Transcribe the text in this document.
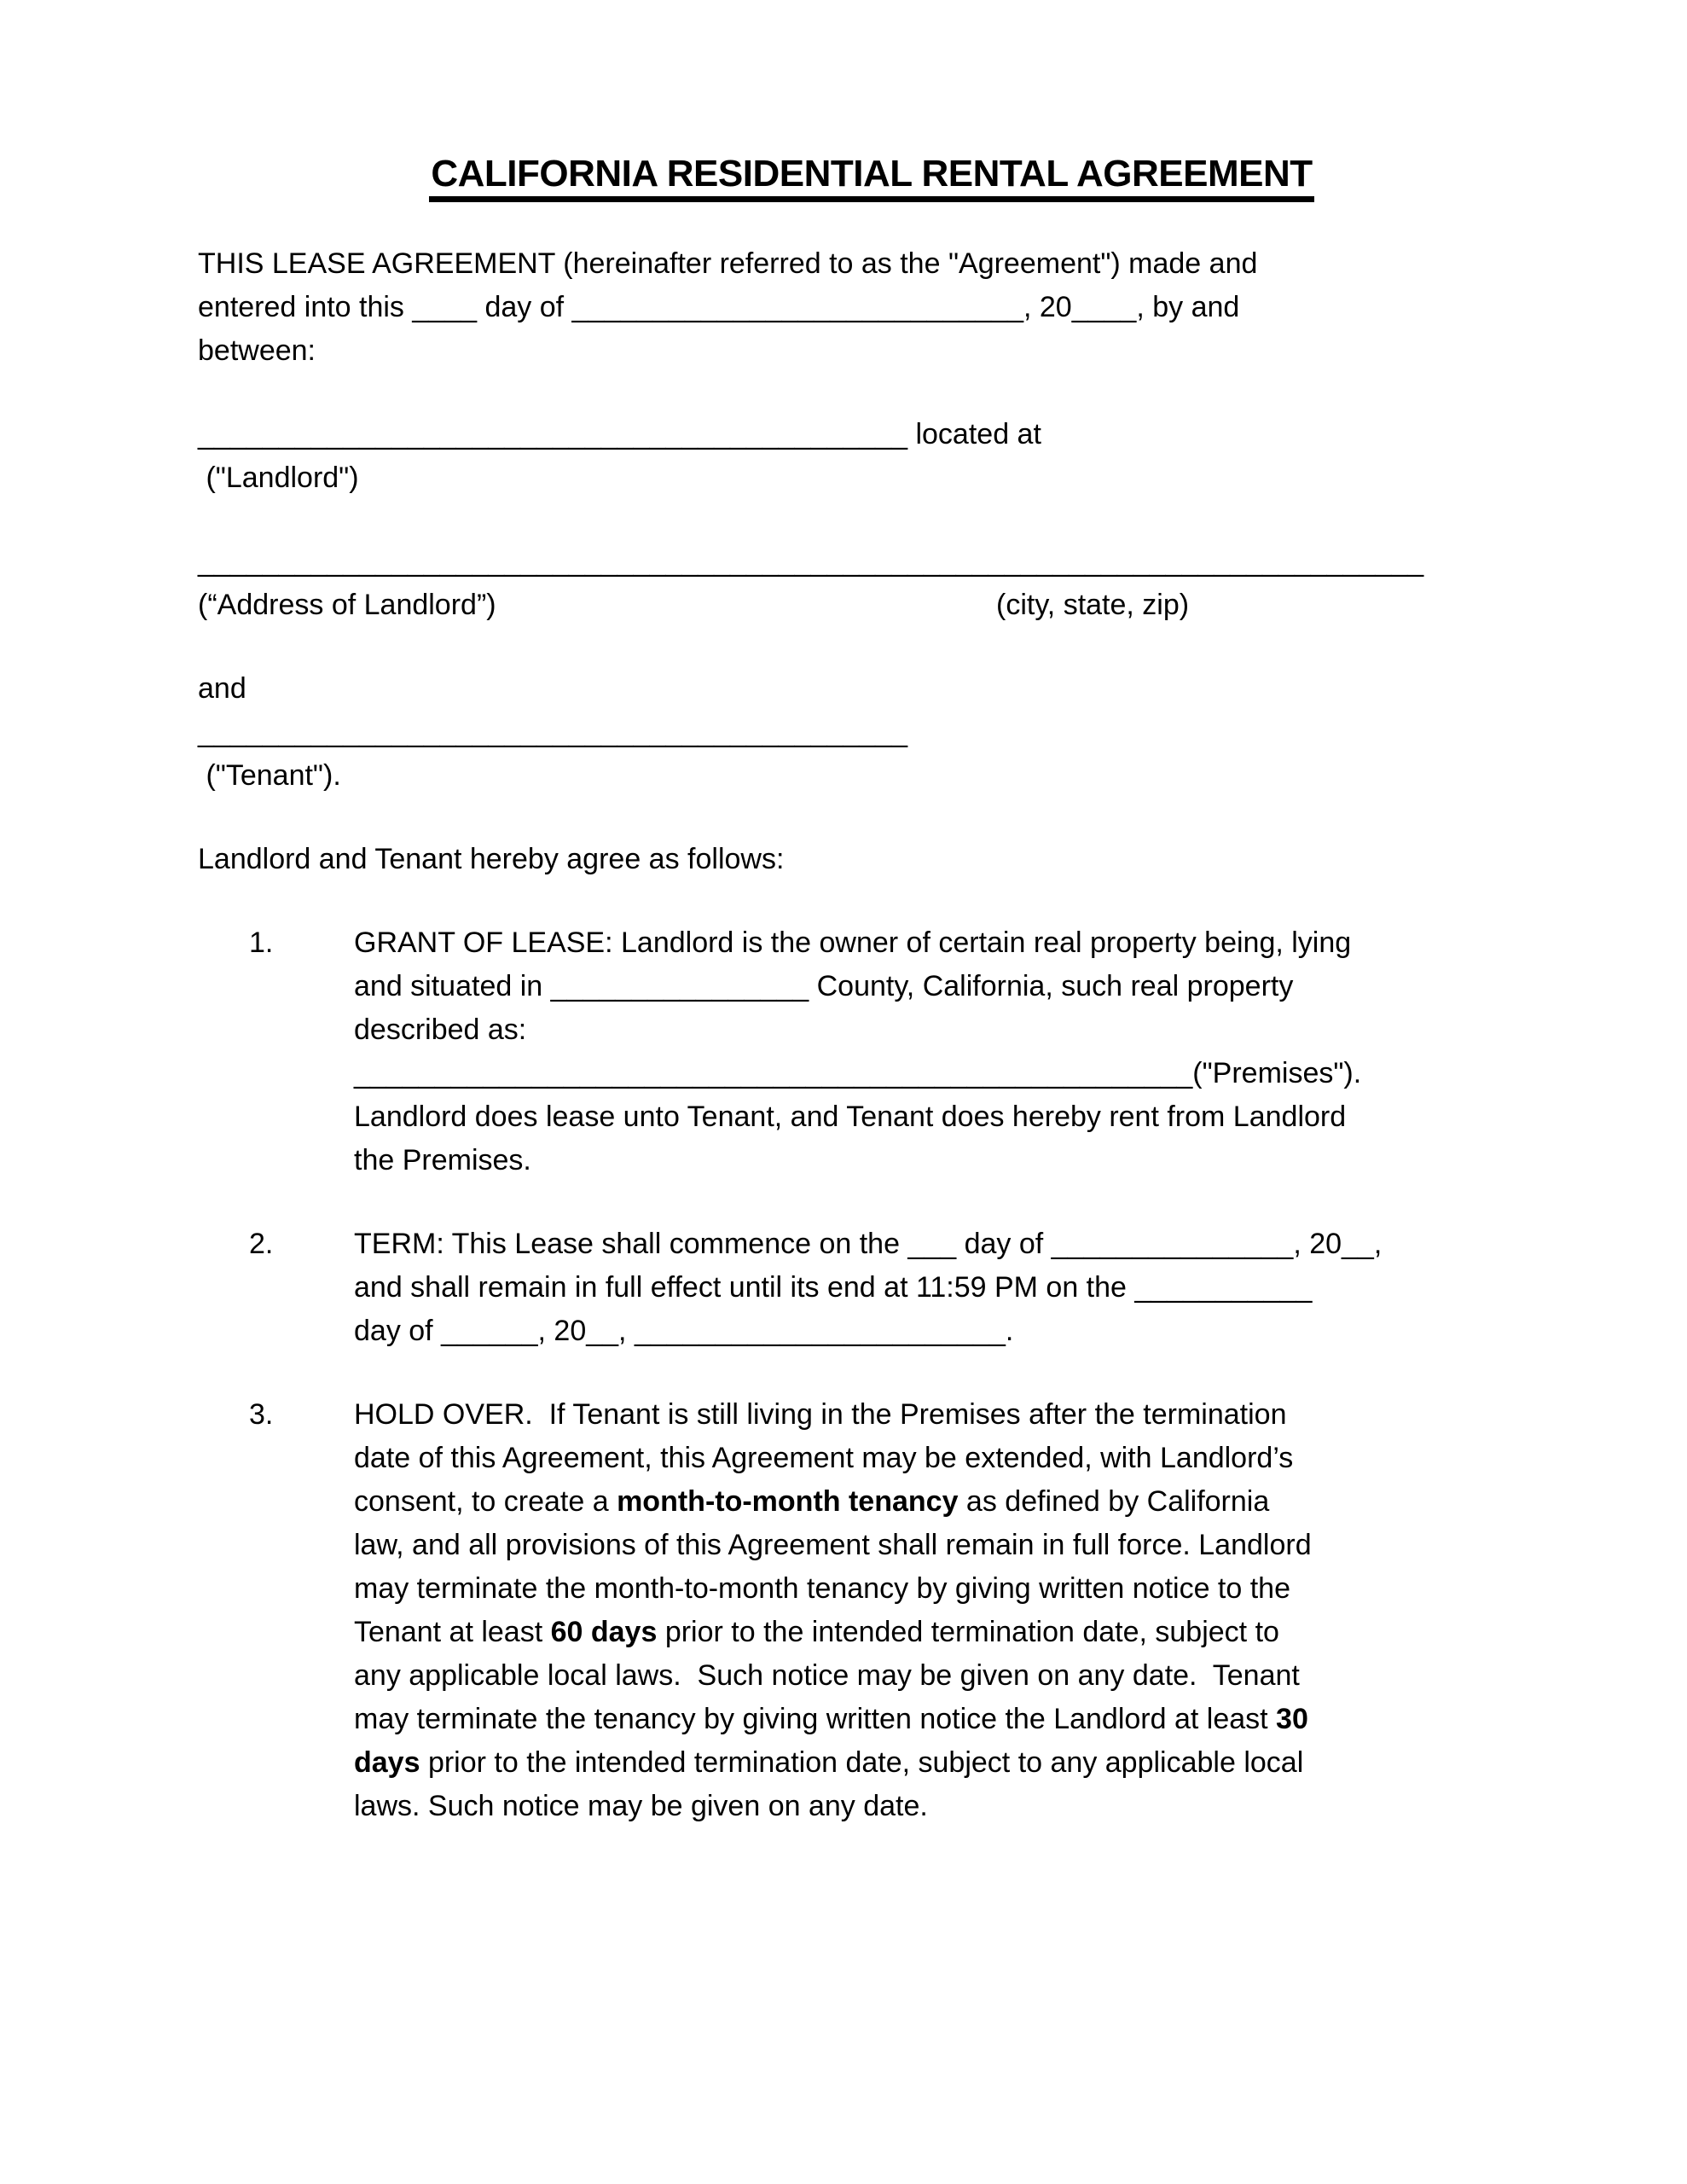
CALIFORNIA RESIDENTIAL RENTAL AGREEMENT
THIS LEASE AGREEMENT (hereinafter referred to as the "Agreement") made and
entered into this ____ day of ____________________________, 20____, by and
between:
____________________________________________ located at
("Landlord")
____________________________________________________________________________
(“Address of Landlord”)	(city, state, zip)
and
____________________________________________
("Tenant").
Landlord and Tenant hereby agree as follows:
1.	GRANT OF LEASE: Landlord is the owner of certain real property being, lying
and situated in ________________ County, California, such real property
described as:
____________________________________________________("Premises").
Landlord does lease unto Tenant, and Tenant does hereby rent from Landlord
the Premises.
2.	TERM: This Lease shall commence on the ___ day of _______________, 20__,
and shall remain in full effect until its end at 11:59 PM on the ___________
day of ______, 20__, _______________________.
3.	HOLD OVER.  If Tenant is still living in the Premises after the termination
date of this Agreement, this Agreement may be extended, with Landlord’s
consent, to create a month-to-month tenancy as defined by California
law, and all provisions of this Agreement shall remain in full force. Landlord
may terminate the month-to-month tenancy by giving written notice to the
Tenant at least 60 days prior to the intended termination date, subject to
any applicable local laws.  Such notice may be given on any date.  Tenant
may terminate the tenancy by giving written notice the Landlord at least 30
days prior to the intended termination date, subject to any applicable local
laws. Such notice may be given on any date.
